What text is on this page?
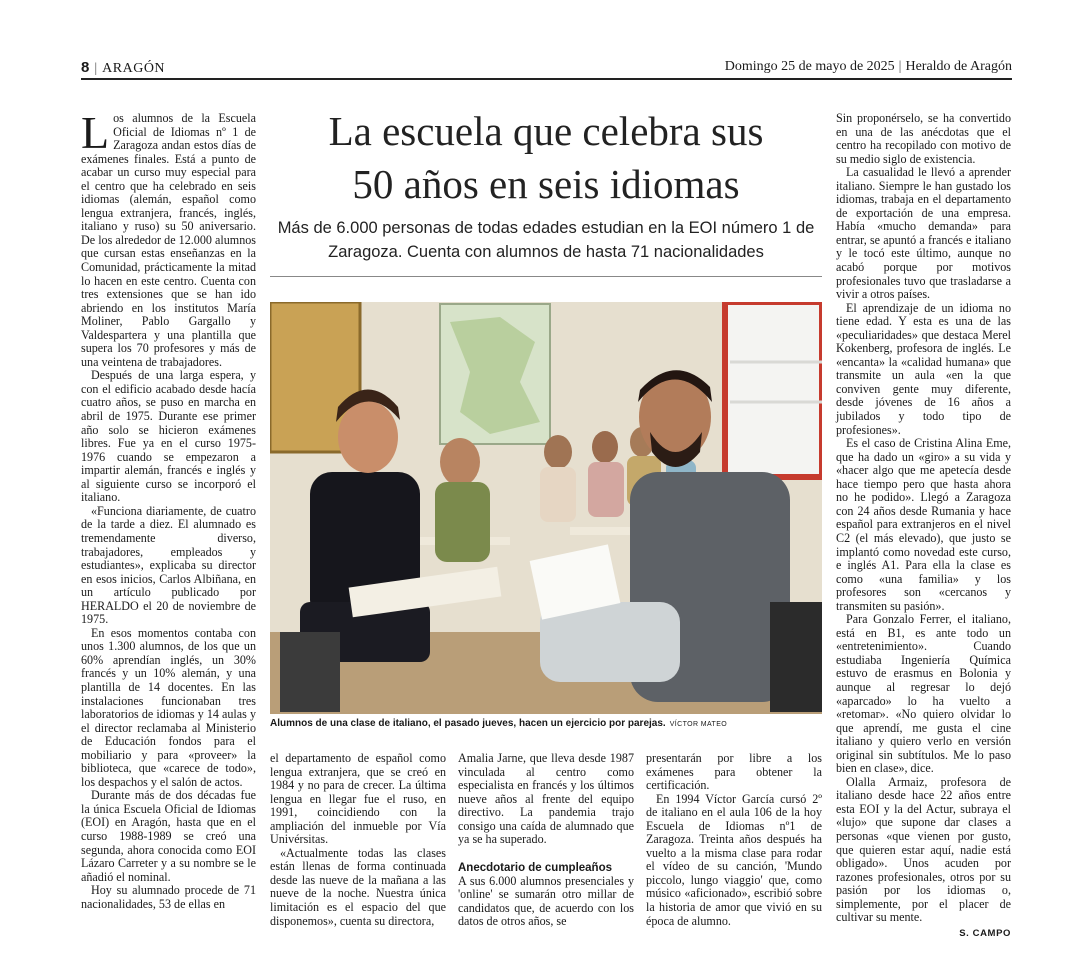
8 | ARAGÓN	Domingo 25 de mayo de 2025 | Heraldo de Aragón

Los alumnos de la Escuela Oficial de Idiomas nº 1 de Zaragoza andan estos días de exámenes finales. Está a punto de acabar un curso muy especial para el centro que ha celebrado en seis idiomas (alemán, español como lengua extranjera, francés, inglés, italiano y ruso) su 50 aniversario. De los alrededor de 12.000 alumnos que cursan estas enseñanzas en la Comunidad, prácticamente la mitad lo hacen en este centro. Cuenta con tres extensiones que se han ido abriendo en los institutos María Moliner, Pablo Gargallo y Valdespartera y una plantilla que supera los 70 profesores y más de una veintena de trabajadores.

Después de una larga espera, y con el edificio acabado desde hacía cuatro años, se puso en marcha en abril de 1975. Durante ese primer año solo se hicieron exámenes libres. Fue ya en el curso 1975-1976 cuando se empezaron a impartir alemán, francés e inglés y al siguiente curso se incorporó el italiano.

«Funciona diariamente, de cuatro de la tarde a diez. El alumnado es tremendamente diverso, trabajadores, empleados y estudiantes», explicaba su director en esos inicios, Carlos Albiñana, en un artículo publicado por HERALDO el 20 de noviembre de 1975.

En esos momentos contaba con unos 1.300 alumnos, de los que un 60% aprendían inglés, un 30% francés y un 10% alemán, y una plantilla de 14 docentes. En las instalaciones funcionaban tres laboratorios de idiomas y 14 aulas y el director reclamaba al Ministerio de Educación fondos para el mobiliario y para «proveer» la biblioteca, que «carece de todo», los despachos y el salón de actos.

Durante más de dos décadas fue la única Escuela Oficial de Idiomas (EOI) en Aragón, hasta que en el curso 1988-1989 se creó una segunda, ahora conocida como EOI Lázaro Carreter y a su nombre se le añadió el nominal.

Hoy su alumnado procede de 71 nacionalidades, 53 de ellas en

La escuela que celebra sus
50 años en seis idiomas
Más de 6.000 personas de todas edades estudian en la EOI número 1 de Zaragoza. Cuenta con alumnos de hasta 71 nacionalidades
Alumnos de una clase de italiano, el pasado jueves, hacen un ejercicio por parejas. VÍCTOR MATEO

el departamento de español como lengua extranjera, que se creó en 1984 y no para de crecer. La última lengua en llegar fue el ruso, en 1991, coincidiendo con la ampliación del inmueble por Vía Univérsitas.

«Actualmente todas las clases están llenas de forma continuada desde las nueve de la mañana a las nueve de la noche. Nuestra única limitación es el espacio del que disponemos», cuenta su directora,

Amalia Jarne, que lleva desde 1987 vinculada al centro como especialista en francés y los últimos nueve años al frente del equipo directivo. La pandemia trajo consigo una caída de alumnado que ya se ha superado.

Anecdotario de cumpleaños

A sus 6.000 alumnos presenciales y 'online' se sumarán otro millar de candidatos que, de acuerdo con los datos de otros años, se

presentarán por libre a los exámenes para obtener la certificación.

En 1994 Víctor García cursó 2º de italiano en el aula 106 de la hoy Escuela de Idiomas nº1 de Zaragoza. Treinta años después ha vuelto a la misma clase para rodar el vídeo de su canción, 'Mundo piccolo, lungo viaggio' que, como músico «aficionado», escribió sobre la historia de amor que vivió en su época de alumno.

Sin proponérselo, se ha convertido en una de las anécdotas que el centro ha recopilado con motivo de su medio siglo de existencia.

La casualidad le llevó a aprender italiano. Siempre le han gustado los idiomas, trabaja en el departamento de exportación de una empresa. Había «mucho demanda» para entrar, se apuntó a francés e italiano y le tocó este último, aunque no acabó porque por motivos profesionales tuvo que trasladarse a vivir a otros países.

El aprendizaje de un idioma no tiene edad. Y esta es una de las «peculiaridades» que destaca Merel Kokenberg, profesora de inglés. Le «encanta» la «calidad humana» que transmite un aula «en la que conviven gente muy diferente, desde jóvenes de 16 años a jubilados y todo tipo de profesiones».

Es el caso de Cristina Alina Eme, que ha dado un «giro» a su vida y «hacer algo que me apetecía desde hace tiempo pero que hasta ahora no he podido». Llegó a Zaragoza con 24 años desde Rumania y hace español para extranjeros en el nivel C2 (el más elevado), que justo se implantó como novedad este curso, e inglés A1. Para ella la clase es como «una familia» y los profesores son «cercanos y transmiten su pasión».

Para Gonzalo Ferrer, el italiano, está en B1, es ante todo un «entretenimiento». Cuando estudiaba Ingeniería Química estuvo de erasmus en Bolonia y aunque al regresar lo dejó «aparcado» lo ha vuelto a «retomar». «No quiero olvidar lo que aprendí, me gusta el cine italiano y quiero verlo en versión original sin subtítulos. Me lo paso bien en clase», dice.

Olalla Armaiz, profesora de italiano desde hace 22 años entre esta EOI y la del Actur, subraya el «lujo» que supone dar clases a personas «que vienen por gusto, que quieren estar aquí, nadie está obligado». Unos acuden por razones profesionales, otros por su pasión por los idiomas o, simplemente, por el placer de cultivar su mente.

S. CAMPO
